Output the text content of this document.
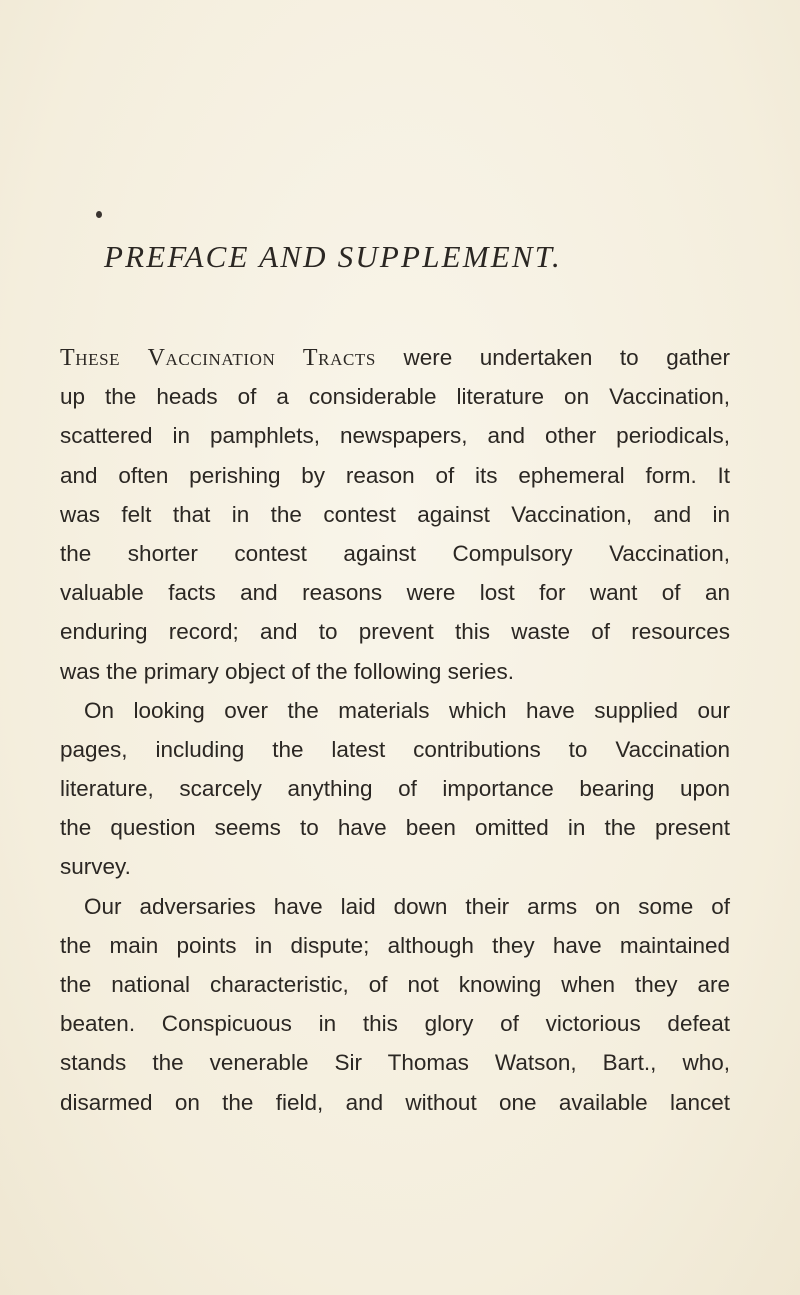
PREFACE AND SUPPLEMENT.
These Vaccination Tracts were undertaken to gather
up the heads of a considerable literature on Vaccination,
scattered in pamphlets, newspapers, and other periodicals,
and often perishing by reason of its ephemeral form. It
was felt that in the contest against Vaccination, and in
the shorter contest against Compulsory Vaccination,
valuable facts and reasons were lost for want of an
enduring record; and to prevent this waste of resources
was the primary object of the following series.
On looking over the materials which have supplied our
pages, including the latest contributions to Vaccination
literature, scarcely anything of importance bearing upon
the question seems to have been omitted in the present
survey.
Our adversaries have laid down their arms on some of
the main points in dispute; although they have maintained
the national characteristic, of not knowing when they are
beaten. Conspicuous in this glory of victorious defeat
stands the venerable Sir Thomas Watson, Bart., who,
disarmed on the field, and without one available lancet
